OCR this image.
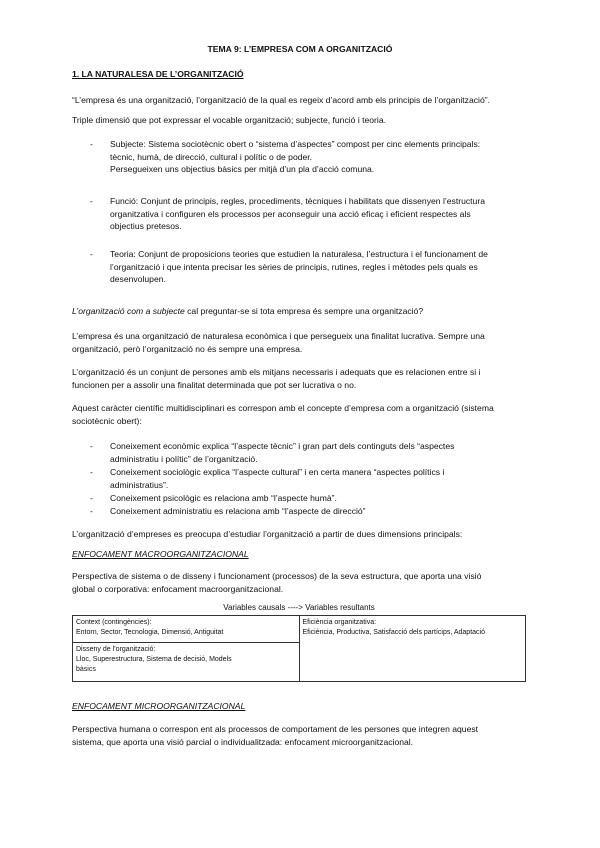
TEMA 9: L’EMPRESA COM A ORGANITZACIÓ
1. LA NATURALESA DE L’ORGANITZACIÓ
“L’empresa és una organització, l’organització de la qual es regeix d’acord amb els principis de l’organització”.
Triple dimensió que pot expressar el vocable organització; subjecte, funció i teoria.
- Subjecte: Sistema sociotècnic obert o “sistema d’aspectes” compost per cinc elements principals:
tècnic, humà, de direcció, cultural i polític o de poder.
Persegueixen uns objectius bàsics per mitjà d’un pla d’acció comuna.
- Funció: Conjunt de principis, regles, procediments, tècniques i habilitats que dissenyen l’estructura
organitzativa i configuren els processos per aconseguir una acció eficaç i eficient respectes als
objectius pretesos.
- Teoria: Conjunt de proposicions teories que estudien la naturalesa, l’estructura i el funcionament de
l’organització i que intenta precisar les sèries de principis, rutines, regles i mètodes pels quals es
desenvolupen.
L’organització com a subjecte cal preguntar-se si tota empresa és sempre una organització?
L’empresa és una organització de naturalesa econòmica i que persegueix una finalitat lucrativa. Sempre una
organització, però l’organització no és sempre una empresa.
L’organització és un conjunt de persones amb els mitjans necessaris i adequats que es relacionen entre si i
funcionen per a assolir una finalitat determinada que pot ser lucrativa o no.
Aquest caràcter científic multidisciplinari es correspon amb el concepte d’empresa com a organització (sistema
sociotècnic obert):
- Coneixement econòmic explica “l’aspecte tècnic” i gran part dels continguts dels “aspectes
administratiu i polític” de l’organització.
- Coneixement sociològic explica “l’aspecte cultural” i en certa manera “aspectes polítics i
administratius”.
- Coneixement psicològic es relaciona amb “l’aspecte humà”.
- Coneixement administratiu es relaciona amb “l’aspecte de direcció”
L’organització d’empreses es preocupa d’estudiar l’organització a partir de dues dimensions principals:
ENFOCAMENT MACROORGANITZACIONAL
Perspectiva de sistema o de disseny i funcionament (processos) de la seva estructura, que aporta una visió
global o corporativa: enfocament macroorganitzacional.
Variables causals ----> Variables resultants
Context (contingències):
Entorn, Sector, Tecnologia, Dimensió, Antiguitat

Eficiència organitzativa:
Eficiència, Productiva, Satisfacció dels partícips, Adaptació

Disseny de l’organització:
Lloc, Superestructura, Sistema de decisió, Models
bàsics
ENFOCAMENT MICROORGANITZACIONAL
Perspectiva humana o correspon ent als processos de comportament de les persones que integren aquest
sistema, que aporta una visió parcial o individualitzada: enfocament microorganitzacional.
